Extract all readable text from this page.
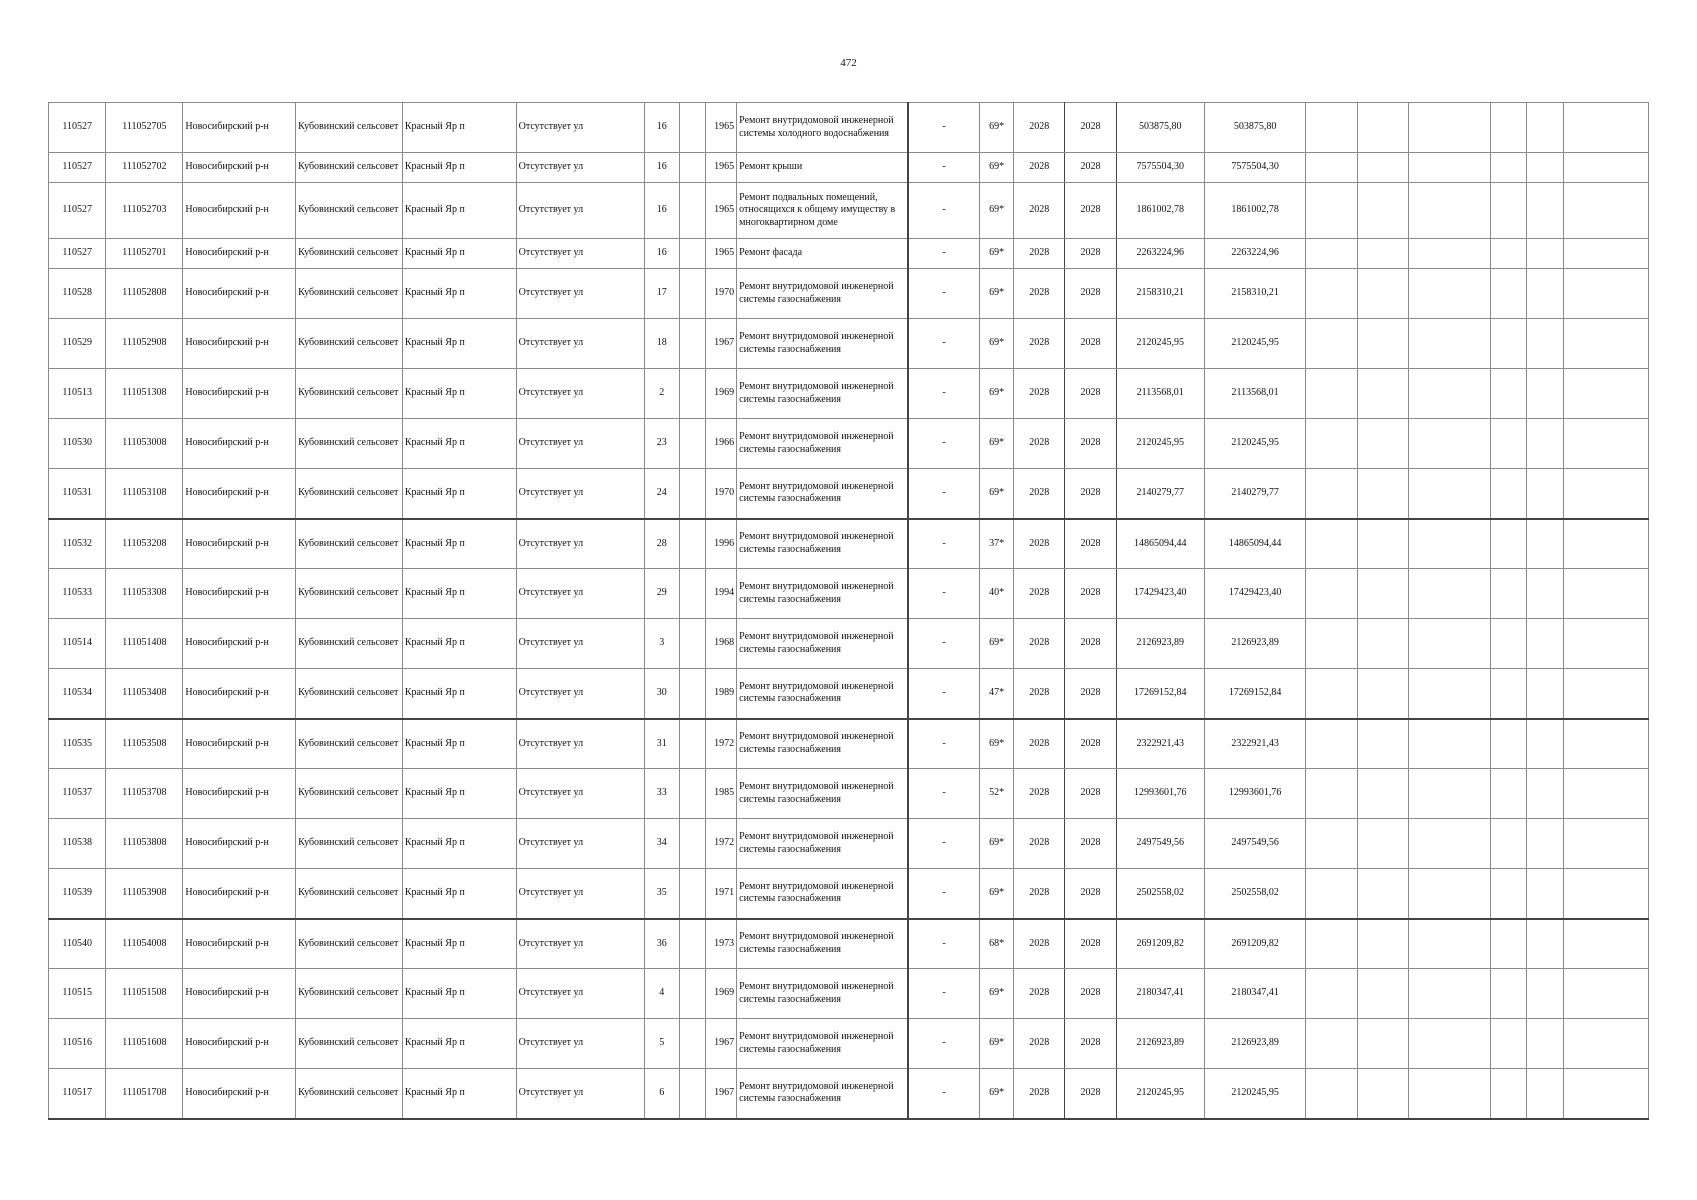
472
110527	111052705	Новосибирский р-н	Кубовинский сельсовет	Красный Яр п	Отсутствует ул	16		1965	Ремонт внутридомовой инженерной системы холодного водоснабжения	-	69*	2028	2028	503875,80	503875,80						
110527	111052702	Новосибирский р-н	Кубовинский сельсовет	Красный Яр п	Отсутствует ул	16		1965	Ремонт крыши	-	69*	2028	2028	7575504,30	7575504,30						
110527	111052703	Новосибирский р-н	Кубовинский сельсовет	Красный Яр п	Отсутствует ул	16		1965	Ремонт подвальных помещений, относящихся к общему имуществу в многоквартирном доме	-	69*	2028	2028	1861002,78	1861002,78						
110527	111052701	Новосибирский р-н	Кубовинский сельсовет	Красный Яр п	Отсутствует ул	16		1965	Ремонт фасада	-	69*	2028	2028	2263224,96	2263224,96						
110528	111052808	Новосибирский р-н	Кубовинский сельсовет	Красный Яр п	Отсутствует ул	17		1970	Ремонт внутридомовой инженерной системы газоснабжения	-	69*	2028	2028	2158310,21	2158310,21						
110529	111052908	Новосибирский р-н	Кубовинский сельсовет	Красный Яр п	Отсутствует ул	18		1967	Ремонт внутридомовой инженерной системы газоснабжения	-	69*	2028	2028	2120245,95	2120245,95						
110513	111051308	Новосибирский р-н	Кубовинский сельсовет	Красный Яр п	Отсутствует ул	2		1969	Ремонт внутридомовой инженерной системы газоснабжения	-	69*	2028	2028	2113568,01	2113568,01						
110530	111053008	Новосибирский р-н	Кубовинский сельсовет	Красный Яр п	Отсутствует ул	23		1966	Ремонт внутридомовой инженерной системы газоснабжения	-	69*	2028	2028	2120245,95	2120245,95						
110531	111053108	Новосибирский р-н	Кубовинский сельсовет	Красный Яр п	Отсутствует ул	24		1970	Ремонт внутридомовой инженерной системы газоснабжения	-	69*	2028	2028	2140279,77	2140279,77						
110532	111053208	Новосибирский р-н	Кубовинский сельсовет	Красный Яр п	Отсутствует ул	28		1996	Ремонт внутридомовой инженерной системы газоснабжения	-	37*	2028	2028	14865094,44	14865094,44						
110533	111053308	Новосибирский р-н	Кубовинский сельсовет	Красный Яр п	Отсутствует ул	29		1994	Ремонт внутридомовой инженерной системы газоснабжения	-	40*	2028	2028	17429423,40	17429423,40						
110514	111051408	Новосибирский р-н	Кубовинский сельсовет	Красный Яр п	Отсутствует ул	3		1968	Ремонт внутридомовой инженерной системы газоснабжения	-	69*	2028	2028	2126923,89	2126923,89						
110534	111053408	Новосибирский р-н	Кубовинский сельсовет	Красный Яр п	Отсутствует ул	30		1989	Ремонт внутридомовой инженерной системы газоснабжения	-	47*	2028	2028	17269152,84	17269152,84						
110535	111053508	Новосибирский р-н	Кубовинский сельсовет	Красный Яр п	Отсутствует ул	31		1972	Ремонт внутридомовой инженерной системы газоснабжения	-	69*	2028	2028	2322921,43	2322921,43						
110537	111053708	Новосибирский р-н	Кубовинский сельсовет	Красный Яр п	Отсутствует ул	33		1985	Ремонт внутридомовой инженерной системы газоснабжения	-	52*	2028	2028	12993601,76	12993601,76						
110538	111053808	Новосибирский р-н	Кубовинский сельсовет	Красный Яр п	Отсутствует ул	34		1972	Ремонт внутридомовой инженерной системы газоснабжения	-	69*	2028	2028	2497549,56	2497549,56						
110539	111053908	Новосибирский р-н	Кубовинский сельсовет	Красный Яр п	Отсутствует ул	35		1971	Ремонт внутридомовой инженерной системы газоснабжения	-	69*	2028	2028	2502558,02	2502558,02						
110540	111054008	Новосибирский р-н	Кубовинский сельсовет	Красный Яр п	Отсутствует ул	36		1973	Ремонт внутридомовой инженерной системы газоснабжения	-	68*	2028	2028	2691209,82	2691209,82						
110515	111051508	Новосибирский р-н	Кубовинский сельсовет	Красный Яр п	Отсутствует ул	4		1969	Ремонт внутридомовой инженерной системы газоснабжения	-	69*	2028	2028	2180347,41	2180347,41						
110516	111051608	Новосибирский р-н	Кубовинский сельсовет	Красный Яр п	Отсутствует ул	5		1967	Ремонт внутридомовой инженерной системы газоснабжения	-	69*	2028	2028	2126923,89	2126923,89						
110517	111051708	Новосибирский р-н	Кубовинский сельсовет	Красный Яр п	Отсутствует ул	6		1967	Ремонт внутридомовой инженерной системы газоснабжения	-	69*	2028	2028	2120245,95	2120245,95						
